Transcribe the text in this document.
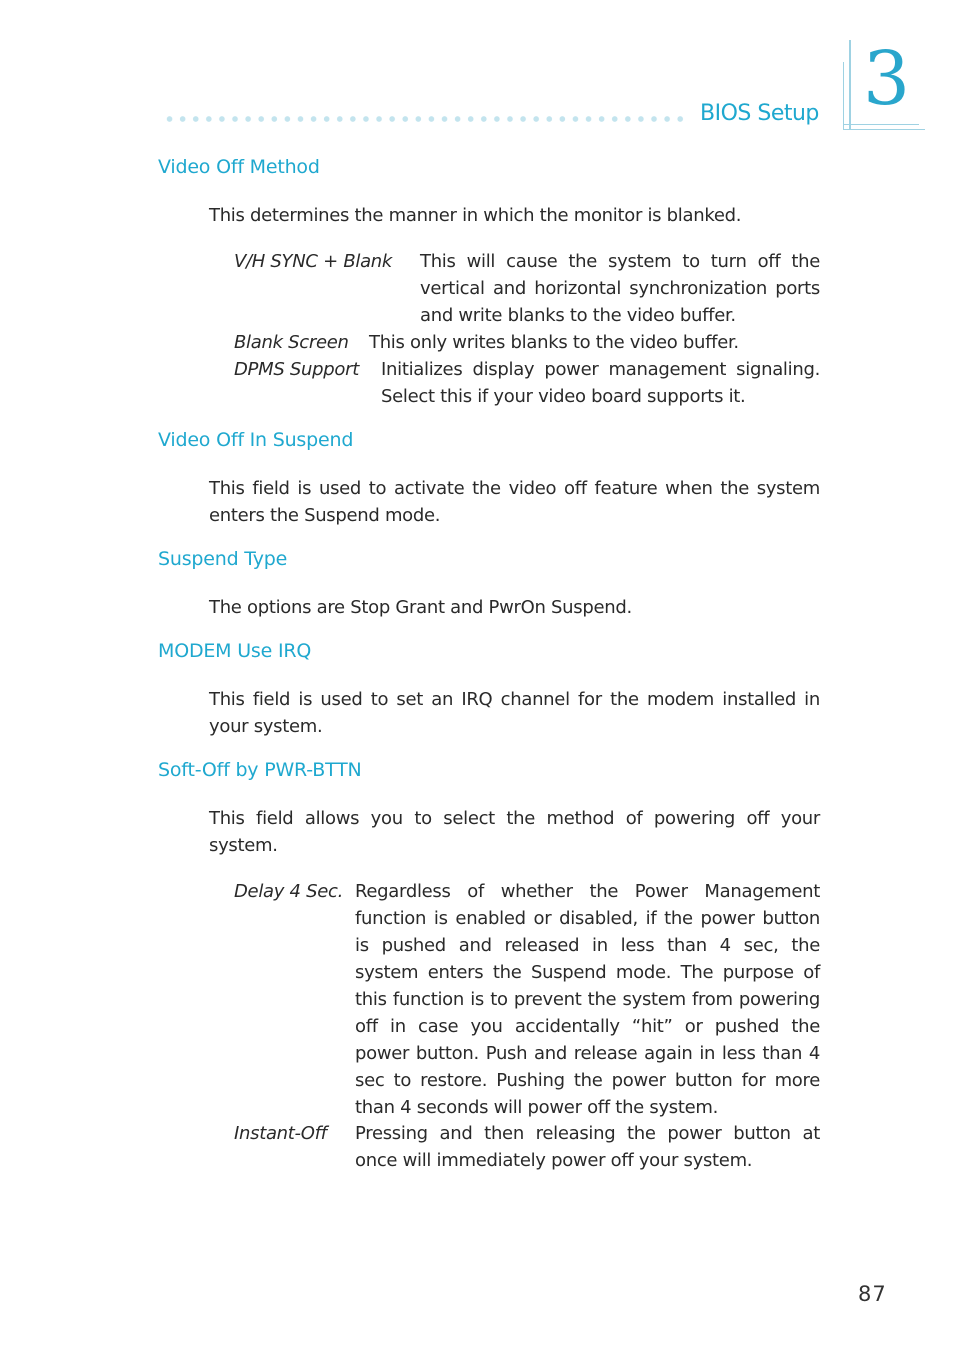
BIOS Setup 3
Video Off Method

This determines the manner in which the monitor is blanked.

V/H SYNC + Blank This will cause the system to turn off the vertical and horizontal synchronization ports and write blanks to the video buffer.

Blank Screen This only writes blanks to the video buffer.

DPMS Support Initializes display power management signaling. Select this if your video board supports it.

Video Off In Suspend

This field is used to activate the video off feature when the system enters the Suspend mode.

Suspend Type

The options are Stop Grant and PwrOn Suspend.

MODEM Use IRQ

This field is used to set an IRQ channel for the modem installed in your system.

Soft-Off by PWR-BTTN

This field allows you to select the method of powering off your system.

Delay 4 Sec. Regardless of whether the Power Management function is enabled or disabled, if the power button is pushed and released in less than 4 sec, the system enters the Suspend mode. The purpose of this function is to prevent the system from powering off in case you accidentally “hit” or pushed the power button. Push and release again in less than 4 sec to restore. Pushing the power button for more than 4 seconds will power off the system.

Instant-Off Pressing and then releasing the power button at once will immediately power off your system.

87
